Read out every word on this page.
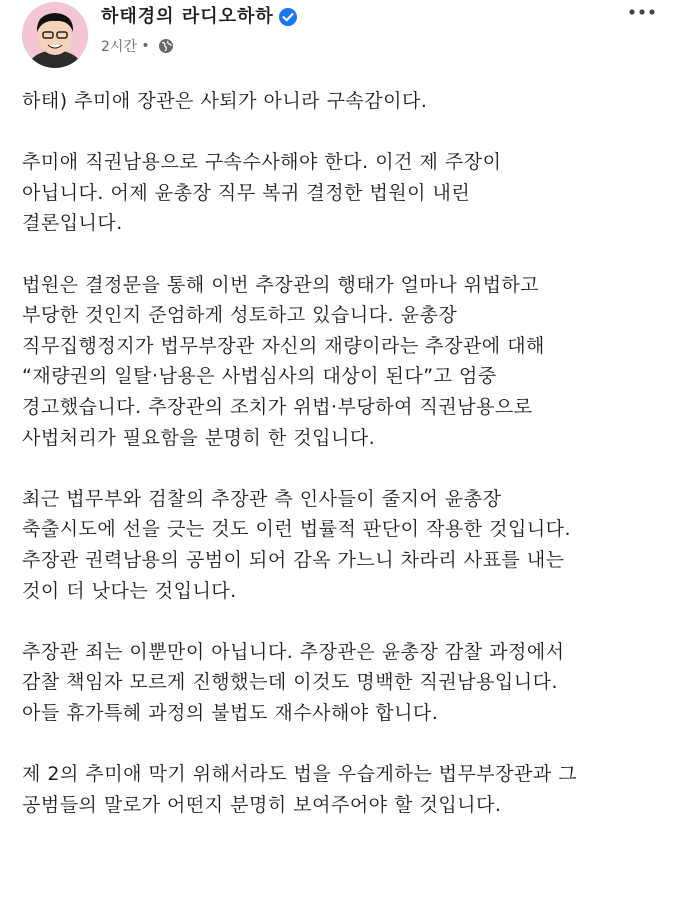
하태경의 라디오하하
2시간 •

하태) 추미애 장관은 사퇴가 아니라 구속감이다.

추미애 직권남용으로 구속수사해야 한다. 이건 제 주장이
아닙니다. 어제 윤총장 직무 복귀 결정한 법원이 내린
결론입니다.

법원은 결정문을 통해 이번 추장관의 행태가 얼마나 위법하고
부당한 것인지 준엄하게 성토하고 있습니다. 윤총장
직무집행정지가 법무부장관 자신의 재량이라는 추장관에 대해
“재량권의 일탈·남용은 사법심사의 대상이 된다”고 엄중
경고했습니다. 추장관의 조치가 위법·부당하여 직권남용으로
사법처리가 필요함을 분명히 한 것입니다.

최근 법무부와 검찰의 추장관 측 인사들이 줄지어 윤총장
축출시도에 선을 긋는 것도 이런 법률적 판단이 작용한 것입니다.
추장관 권력남용의 공범이 되어 감옥 가느니 차라리 사표를 내는
것이 더 낫다는 것입니다.

추장관 죄는 이뿐만이 아닙니다. 추장관은 윤총장 감찰 과정에서
감찰 책임자 모르게 진행했는데 이것도 명백한 직권남용입니다.
아들 휴가특혜 과정의 불법도 재수사해야 합니다.

제 2의 추미애 막기 위해서라도 법을 우습게하는 법무부장관과 그
공범들의 말로가 어떤지 분명히 보여주어야 할 것입니다.
